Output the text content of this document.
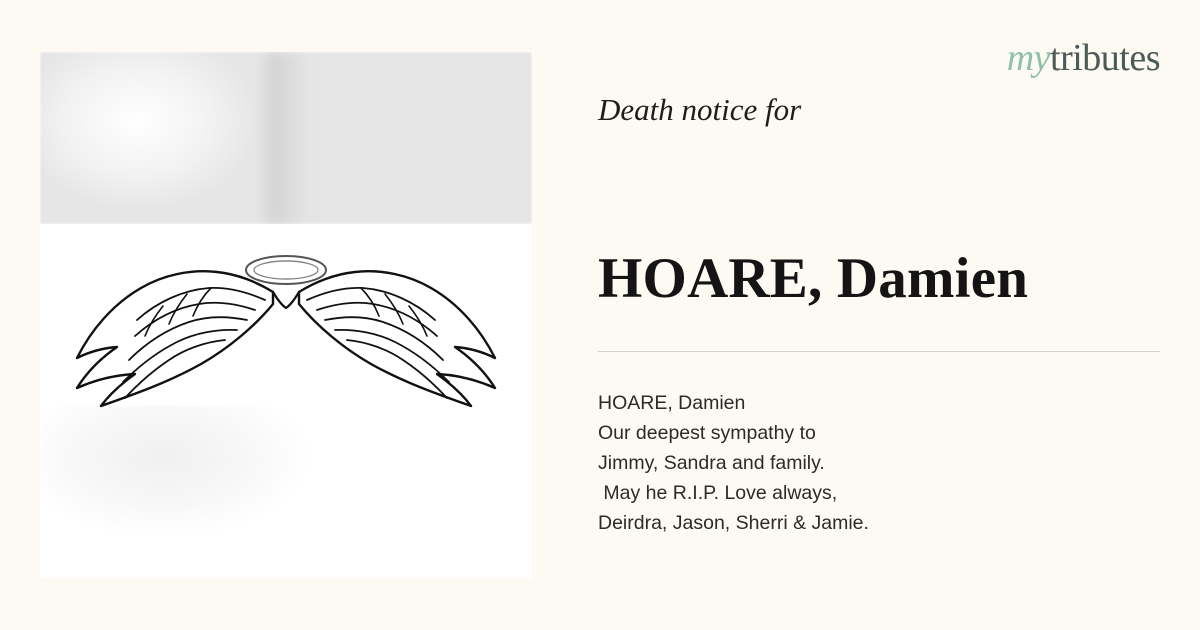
mytributes
Death notice for
HOARE, Damien
HOARE, Damien
Our deepest sympathy to
Jimmy, Sandra and family.
May he R.I.P. Love always,
Deirdra, Jason, Sherri & Jamie.
